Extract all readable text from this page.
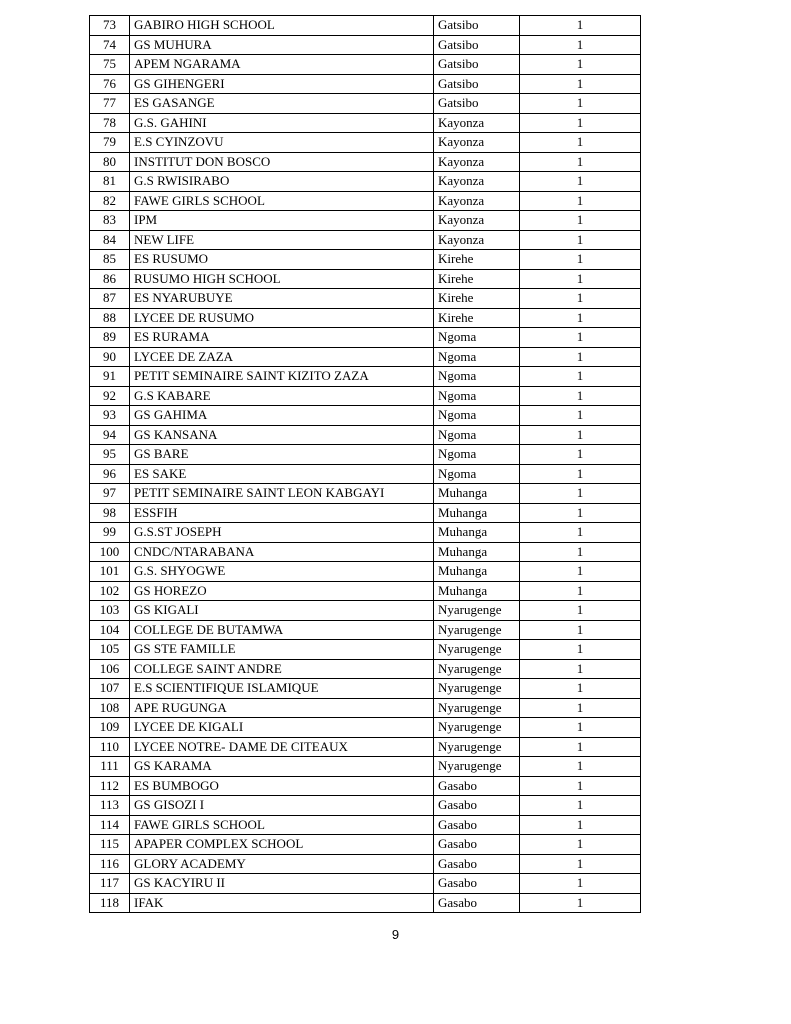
73	GABIRO HIGH SCHOOL	Gatsibo	1
74	GS MUHURA	Gatsibo	1
75	APEM NGARAMA	Gatsibo	1
76	GS GIHENGERI	Gatsibo	1
77	ES GASANGE	Gatsibo	1
78	G.S. GAHINI	Kayonza	1
79	E.S CYINZOVU	Kayonza	1
80	INSTITUT DON BOSCO	Kayonza	1
81	G.S RWISIRABO	Kayonza	1
82	FAWE GIRLS SCHOOL	Kayonza	1
83	IPM	Kayonza	1
84	NEW LIFE	Kayonza	1
85	ES RUSUMO	Kirehe	1
86	RUSUMO HIGH SCHOOL	Kirehe	1
87	ES NYARUBUYE	Kirehe	1
88	LYCEE DE RUSUMO	Kirehe	1
89	ES RURAMA	Ngoma	1
90	LYCEE DE ZAZA	Ngoma	1
91	PETIT SEMINAIRE SAINT KIZITO ZAZA	Ngoma	1
92	G.S KABARE	Ngoma	1
93	GS GAHIMA	Ngoma	1
94	GS KANSANA	Ngoma	1
95	GS BARE	Ngoma	1
96	ES SAKE	Ngoma	1
97	PETIT SEMINAIRE SAINT LEON KABGAYI	Muhanga	1
98	ESSFIH	Muhanga	1
99	G.S.ST JOSEPH	Muhanga	1
100	CNDC/NTARABANA	Muhanga	1
101	G.S. SHYOGWE	Muhanga	1
102	GS HOREZO	Muhanga	1
103	GS KIGALI	Nyarugenge	1
104	COLLEGE DE BUTAMWA	Nyarugenge	1
105	GS STE FAMILLE	Nyarugenge	1
106	COLLEGE SAINT ANDRE	Nyarugenge	1
107	E.S SCIENTIFIQUE ISLAMIQUE	Nyarugenge	1
108	APE RUGUNGA	Nyarugenge	1
109	LYCEE DE KIGALI	Nyarugenge	1
110	LYCEE NOTRE- DAME DE CITEAUX	Nyarugenge	1
111	GS KARAMA	Nyarugenge	1
112	ES BUMBOGO	Gasabo	1
113	GS GISOZI I	Gasabo	1
114	FAWE GIRLS SCHOOL	Gasabo	1
115	APAPER COMPLEX SCHOOL	Gasabo	1
116	GLORY ACADEMY	Gasabo	1
117	GS KACYIRU II	Gasabo	1
118	IFAK	Gasabo	1
9
